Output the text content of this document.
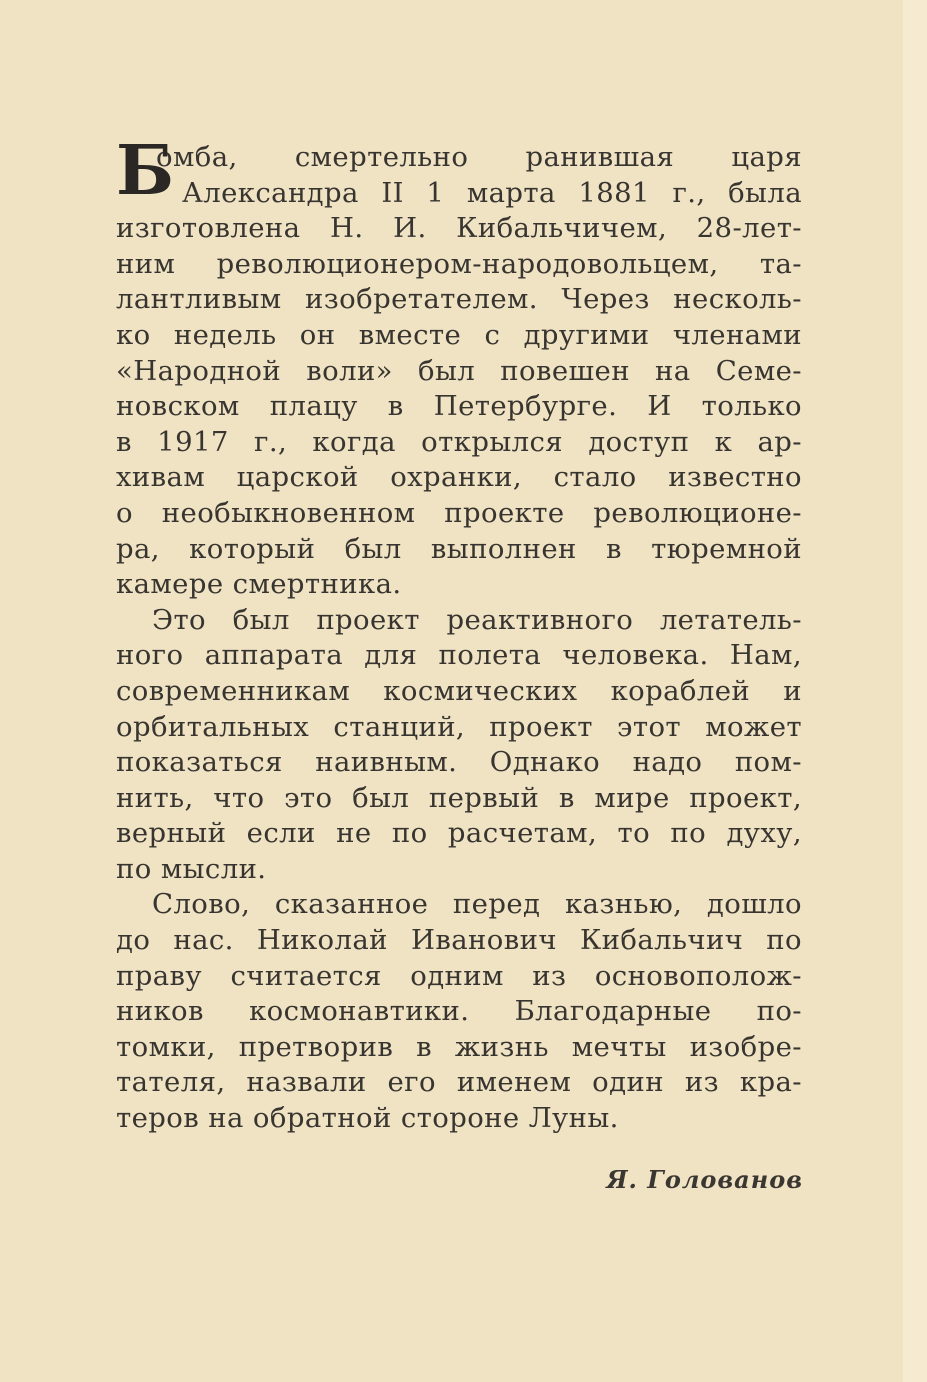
Б
омба, смертельно ранившая царя
Александра II 1 марта 1881 г., была
изготовлена Н. И. Кибальчичем, 28-лет-
ним революционером-народовольцем, та-
лантливым изобретателем. Через несколь-
ко недель он вместе с другими членами
«Народной воли» был повешен на Семе-
новском плацу в Петербурге. И только
в 1917 г., когда открылся доступ к ар-
хивам царской охранки, стало известно
о необыкновенном проекте революционе-
ра, который был выполнен в тюремной
камере смертника.
Это был проект реактивного летатель-
ного аппарата для полета человека. Нам,
современникам космических кораблей и
орбитальных станций, проект этот может
показаться наивным. Однако надо пом-
нить, что это был первый в мире проект,
верный если не по расчетам, то по духу,
по мысли.
Слово, сказанное перед казнью, дошло
до нас. Николай Иванович Кибальчич по
праву считается одним из основополож-
ников космонавтики. Благодарные по-
томки, претворив в жизнь мечты изобре-
тателя, назвали его именем один из кра-
теров на обратной стороне Луны.
Я. Голованов
